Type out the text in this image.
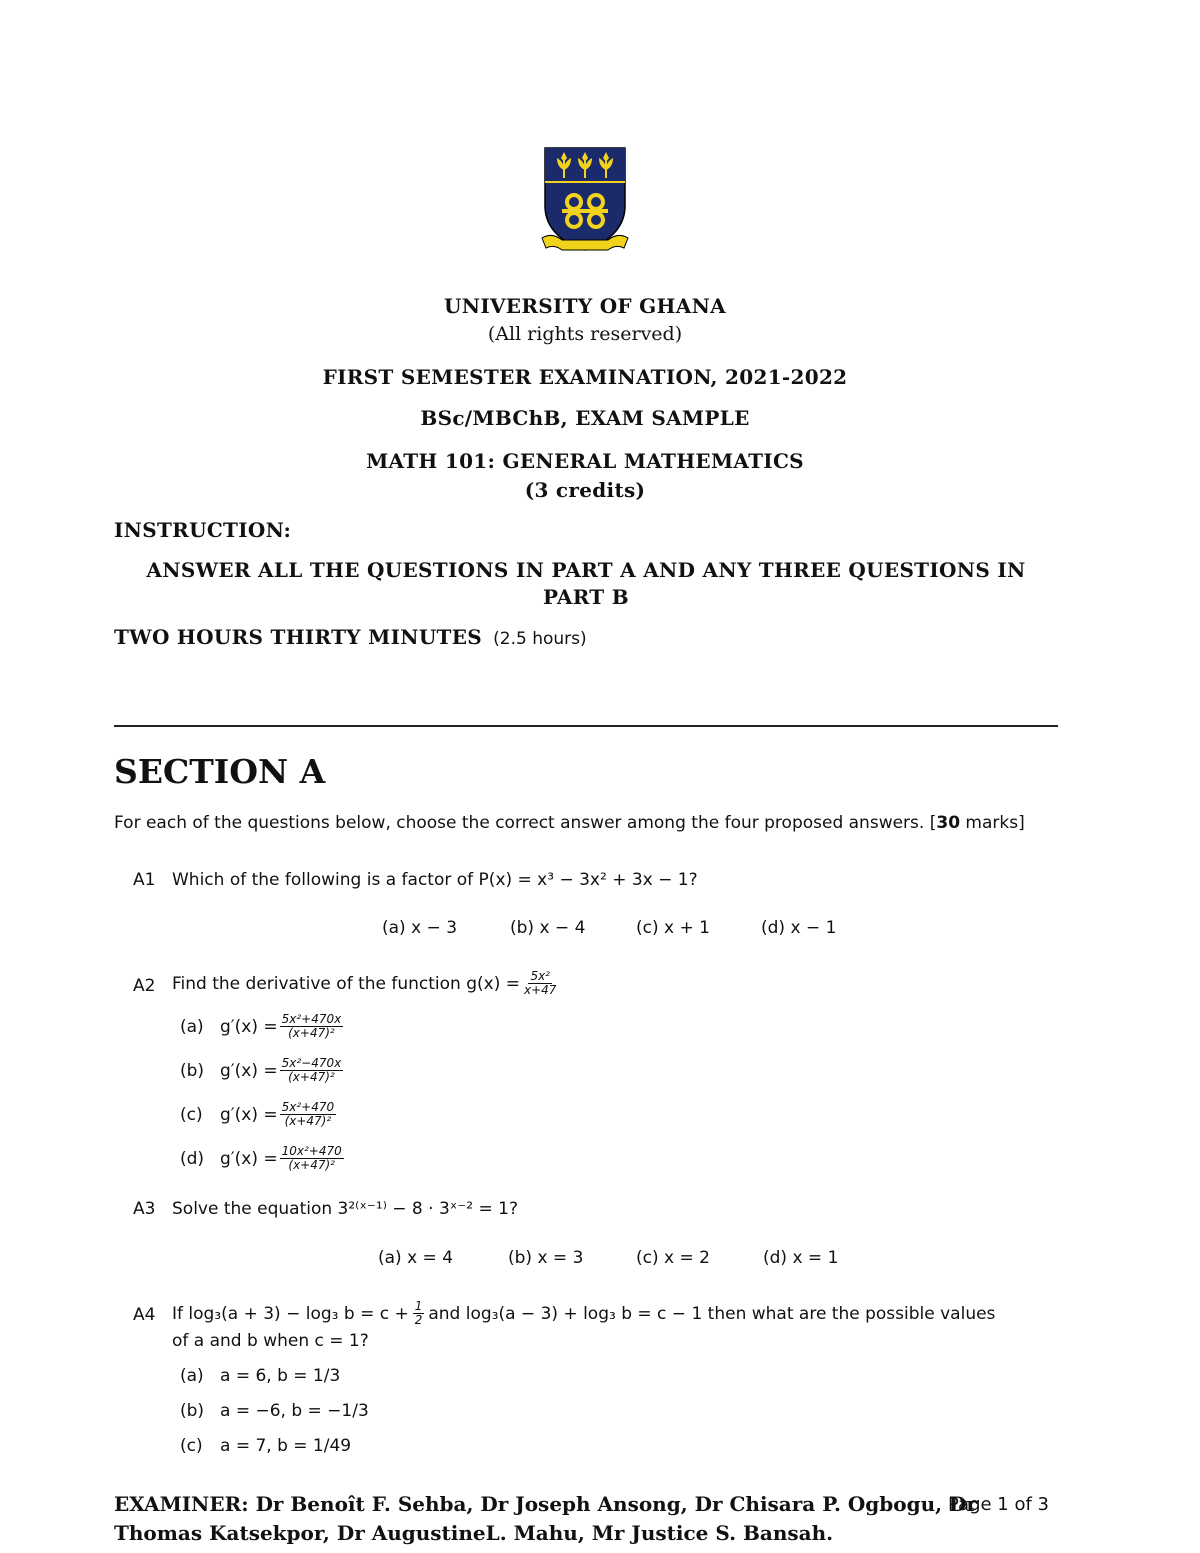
UNIVERSITY OF GHANA
(All rights reserved)
FIRST SEMESTER EXAMINATION, 2021-2022
BSc/MBChB, EXAM SAMPLE
MATH 101: GENERAL MATHEMATICS
(3 credits)
INSTRUCTION:
ANSWER ALL THE QUESTIONS IN PART A AND ANY THREE QUESTIONS IN
PART B
TWO HOURS THIRTY MINUTES (2.5 hours)
SECTION A
For each of the questions below, choose the correct answer among the four proposed answers. [30 marks]
A1 Which of the following is a factor of P(x) = x³ − 3x² + 3x − 1?
(a) x − 3	(b) x − 4	(c) x + 1	(d) x − 1
A2 Find the derivative of the function $g(x) = \frac{\text{5x²}}{x+47}$
(a) $g'(x) = \frac{\text{5x²+470x}}{\text{(x+47)²}}$
(b) $g'(x) = \frac{\text{5x²−470x}}{\text{(x+47)²}}$
(c)	$g'(x) = \frac{\text{5x²+470}}{\text{(x+47)²}}$
(d) $g'(x) = \frac{\text{10x²+470}}{\text{(x+47)²}}$
A3 Solve the equation 3²⁽ˣ⁻¹⁾ − 8 · 3ˣ⁻² = 1?
(a) x = 4	(b) x = 3	(c) x = 2	(d) x = 1
A4 If log₃(a + 3) − log₃ $b = c + \frac{1}{2}$ and log₃(a − 3) + log₃ b = c − 1 then what are the possible values
of a and b when c = 1?
(a) a = 6, b = 1/3
(b) a = −6, b = −1/3
(c)	a = 7, b = 1/49
EXAMINER: Dr Benoît F. Sehba, Dr Joseph Ansong, Dr Chisara P. Ogbogu, Dr
Thomas Katsekpor, Dr AugustineL. Mahu, Mr Justice S. Bansah.
Page 1 of 3
